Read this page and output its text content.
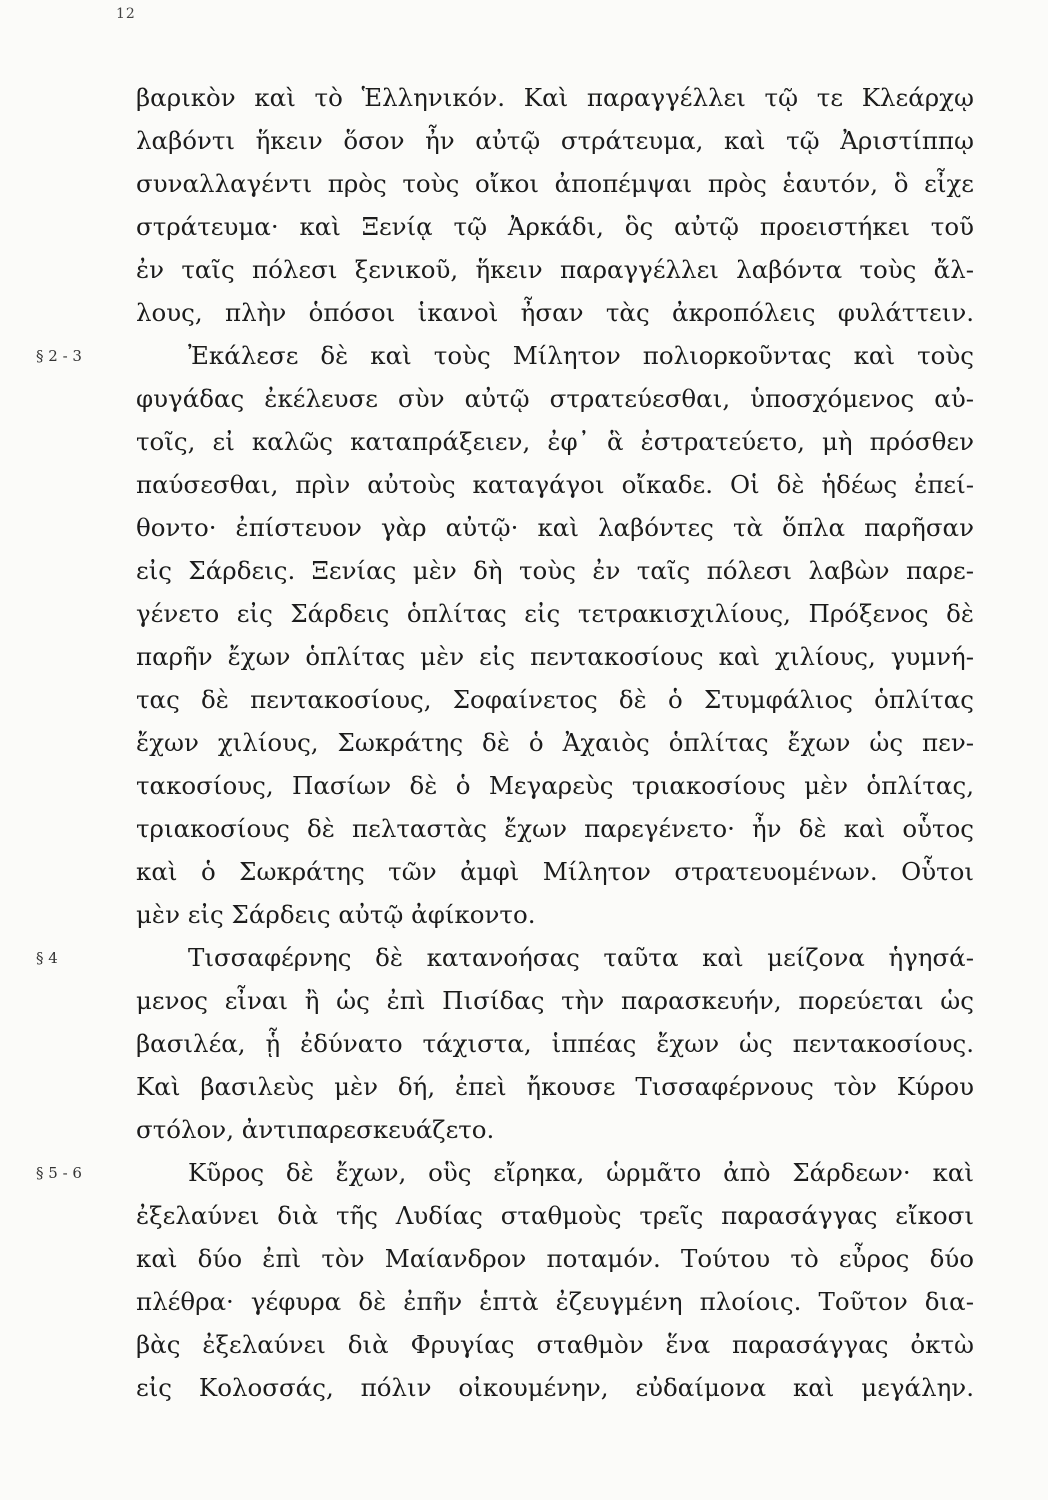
12
βαρικὸν καὶ τὸ Ἑλληνικόν. Καὶ παραγγέλλει τῷ τε Κλεάρχῳ
λαβόντι ἥκειν ὅσον ἦν αὐτῷ στράτευμα, καὶ τῷ Ἀριστίππῳ
συναλλαγέντι πρὸς τοὺς οἴκοι ἀποπέμψαι πρὸς ἑαυτόν, ὃ εἶχε
στράτευμα· καὶ Ξενίᾳ τῷ Ἀρκάδι, ὃς αὐτῷ προειστήκει τοῦ
ἐν ταῖς πόλεσι ξενικοῦ, ἥκειν παραγγέλλει λαβόντα τοὺς ἄλ-
λους, πλὴν ὁπόσοι ἱκανοὶ ἦσαν τὰς ἀκροπόλεις φυλάττειν.
§ 2 - 3	Ἐκάλεσε δὲ καὶ τοὺς Μίλητον πολιορκοῦντας καὶ τοὺς
φυγάδας ἐκέλευσε σὺν αὐτῷ στρατεύεσθαι, ὑποσχόμενος αὐ-
τοῖς, εἰ καλῶς καταπράξειεν, ἐφ᾽ ἃ ἐστρατεύετο, μὴ πρόσθεν
παύσεσθαι, πρὶν αὐτοὺς καταγάγοι οἴκαδε. Οἱ δὲ ἡδέως ἐπεί-
θοντο· ἐπίστευον γὰρ αὐτῷ· καὶ λαβόντες τὰ ὅπλα παρῆσαν
εἰς Σάρδεις. Ξενίας μὲν δὴ τοὺς ἐν ταῖς πόλεσι λαβὼν παρε-
γένετο εἰς Σάρδεις ὁπλίτας εἰς τετρακισχιλίους, Πρόξενος δὲ
παρῆν ἔχων ὁπλίτας μὲν εἰς πεντακοσίους καὶ χιλίους, γυμνή-
τας δὲ πεντακοσίους, Σοφαίνετος δὲ ὁ Στυμφάλιος ὁπλίτας
ἔχων χιλίους, Σωκράτης δὲ ὁ Ἀχαιὸς ὁπλίτας ἔχων ὡς πεν-
τακοσίους, Πασίων δὲ ὁ Μεγαρεὺς τριακοσίους μὲν ὁπλίτας,
τριακοσίους δὲ πελταστὰς ἔχων παρεγένετο· ἦν δὲ καὶ οὗτος
καὶ ὁ Σωκράτης τῶν ἀμφὶ Μίλητον στρατευομένων. Οὗτοι
μὲν εἰς Σάρδεις αὐτῷ ἀφίκοντο.
§ 4	Τισσαφέρνης δὲ κατανοήσας ταῦτα καὶ μείζονα ἡγησά-
μενος εἶναι ἢ ὡς ἐπὶ Πισίδας τὴν παρασκευήν, πορεύεται ὡς
βασιλέα, ᾗ ἐδύνατο τάχιστα, ἱππέας ἔχων ὡς πεντακοσίους.
Καὶ βασιλεὺς μὲν δή, ἐπεὶ ἤκουσε Τισσαφέρνους τὸν Κύρου
στόλον, ἀντιπαρεσκευάζετο.
§ 5 - 6	Κῦρος δὲ ἔχων, οὓς εἴρηκα, ὡρμᾶτο ἀπὸ Σάρδεων· καὶ
ἐξελαύνει διὰ τῆς Λυδίας σταθμοὺς τρεῖς παρασάγγας εἴκοσι
καὶ δύο ἐπὶ τὸν Μαίανδρον ποταμόν. Τούτου τὸ εὖρος δύο
πλέθρα· γέφυρα δὲ ἐπῆν ἑπτὰ ἐζευγμένη πλοίοις. Τοῦτον δια-
βὰς ἐξελαύνει διὰ Φρυγίας σταθμὸν ἕνα παρασάγγας ὀκτὼ
εἰς Κολοσσάς, πόλιν οἰκουμένην, εὐδαίμονα καὶ μεγάλην.
